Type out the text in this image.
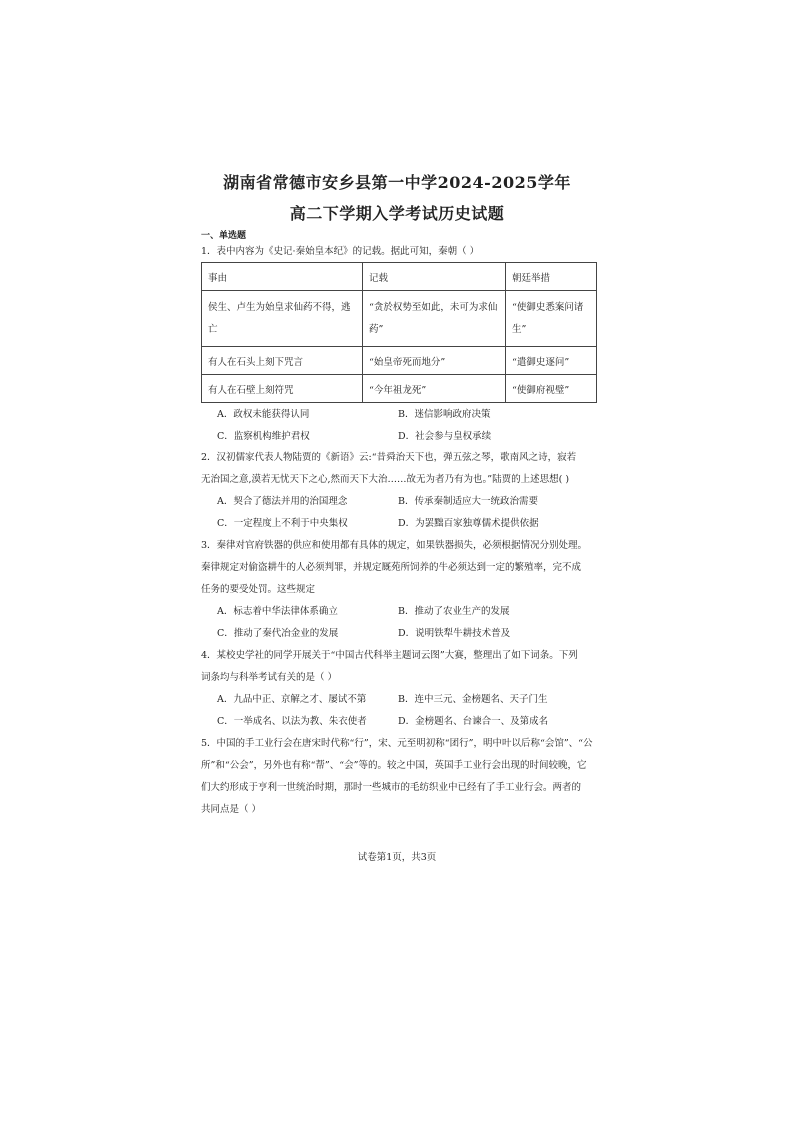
湖南省常德市安乡县第一中学2024-2025学年
高二下学期入学考试历史试题
一、单选题
1．表中内容为《史记·秦始皇本纪》的记载。据此可知，秦朝（ ）
事由	记载	朝廷举措
侯生、卢生为始皇求仙药不得，逃亡	“贪於权势至如此，未可为求仙药”	“使御史悉案问诸生”
有人在石头上刻下咒言	“始皇帝死而地分”	“遣御史逐问”
有人在石壁上刻符咒	“今年祖龙死”	“使御府视璧”
A．政权未能获得认同	B．迷信影响政府决策
C．监察机构维护君权	D．社会参与皇权承续
2．汉初儒家代表人物陆贾的《新语》云:“昔舜治天下也，弹五弦之琴，歌南风之诗，寂若
无治国之意,漠若无忧天下之心,然而天下大治……故无为者乃有为也。”陆贾的上述思想( )
A．契合了德法并用的治国理念	B．传承秦制适应大一统政治需要
C．一定程度上不利于中央集权	D．为罢黜百家独尊儒术提供依据
3．秦律对官府铁器的供应和使用都有具体的规定，如果铁器损失，必须根据情况分别处理。
秦律规定对偷盗耕牛的人必须判罪，并规定厩苑所饲养的牛必须达到一定的繁殖率，完不成
任务的要受处罚。这些规定
A．标志着中华法律体系确立	B．推动了农业生产的发展
C．推动了秦代冶金业的发展	D．说明铁犁牛耕技术普及
4．某校史学社的同学开展关于“中国古代科举主题词云图”大赛，整理出了如下词条。下列
词条均与科举考试有关的是（ ）
A．九品中正、京解之才、屡试不第	B．连中三元、金榜题名、天子门生
C．一举成名、以法为教、朱衣使者	D．金榜题名、台谏合一、及第成名
5．中国的手工业行会在唐宋时代称“行”，宋、元至明初称“团行”，明中叶以后称“会馆”、“公
所”和“公会”，另外也有称“帮”、“会”等的。较之中国，英国手工业行会出现的时间较晚，它
们大约形成于亨利一世统治时期，那时一些城市的毛纺织业中已经有了手工业行会。两者的
共同点是（ ）
试卷第1页，共3页
